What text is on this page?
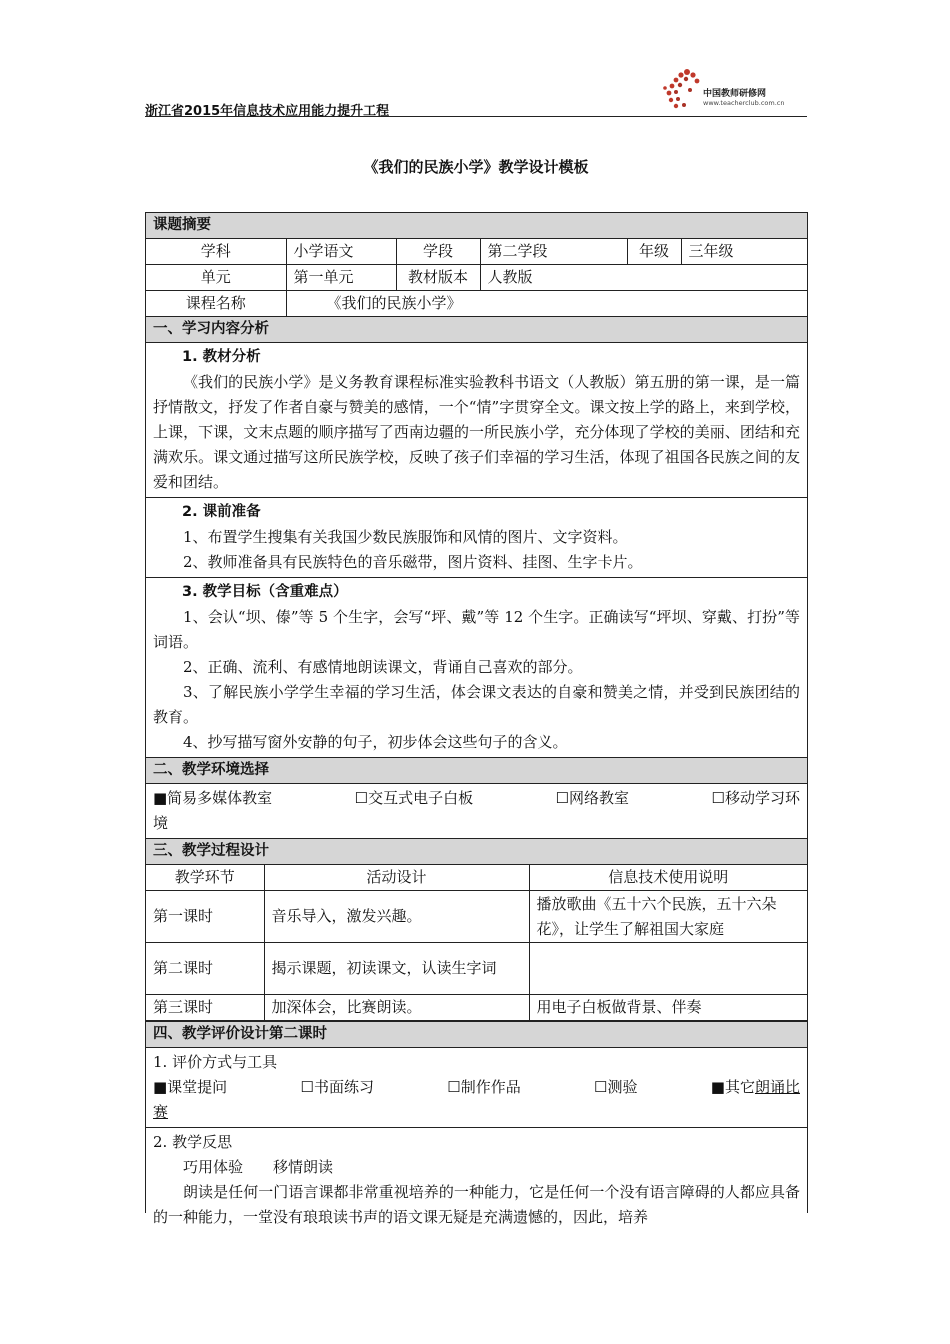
中国教师研修网
www.teacherclub.com.cn
浙江省2015年信息技术应用能力提升工程
《我们的民族小学》教学设计模板
课题摘要
学科	小学语文	学段	第二学段	年级	三年级
单元	第一单元	教材版本	人教版
课程名称	《我们的民族小学》
一、学习内容分析

1. 教材分析
《我们的民族小学》是义务教育课程标准实验教科书语文（人教版）第五册的第一课，是一篇抒情散文，抒发了作者自豪与赞美的感情，一个“情”字贯穿全文。课文按上学的路上，来到学校，上课，下课，文末点题的顺序描写了西南边疆的一所民族小学，充分体现了学校的美丽、团结和充满欢乐。课文通过描写这所民族学校，反映了孩子们幸福的学习生活，体现了祖国各民族之间的友爱和团结。

2. 课前准备
1、布置学生搜集有关我国少数民族服饰和风情的图片、文字资料。
2、教师准备具有民族特色的音乐磁带，图片资料、挂图、生字卡片。

3. 教学目标（含重难点）
1、会认“坝、傣”等 5 个生字，会写“坪、戴”等 12 个生字。正确读写“坪坝、穿戴、打扮”等词语。
2、正确、流利、有感情地朗读课文，背诵自己喜欢的部分。
3、了解民族小学学生幸福的学习生活，体会课文表达的自豪和赞美之情，并受到民族团结的教育。
4、抄写描写窗外安静的句子，初步体会这些句子的含义。

二、教学环境选择

■简易多媒体教室	☐交互式电子白板	☐网络教室	☐移动学习环
境

三、教学过程设计

教学环节	活动设计	信息技术使用说明
第一课时	音乐导入，激发兴趣。	播放歌曲《五十六个民族，五十六朵花》，让学生了解祖国大家庭
第二课时	揭示课题，初读课文，认读生字词	
第三课时	加深体会，比赛朗读。	用电子白板做背景、伴奏

四、教学评价设计第二课时

1. 评价方式与工具
■课堂提问	☐书面练习	☐制作作品	☐测验	■其它朗诵比
赛

2. 教学反思
巧用体验　　移情朗读
朗读是任何一门语言课都非常重视培养的一种能力，它是任何一个没有语言障碍的人都应具备的一种能力，一堂没有琅琅读书声的语文课无疑是充满遗憾的，因此，培养
